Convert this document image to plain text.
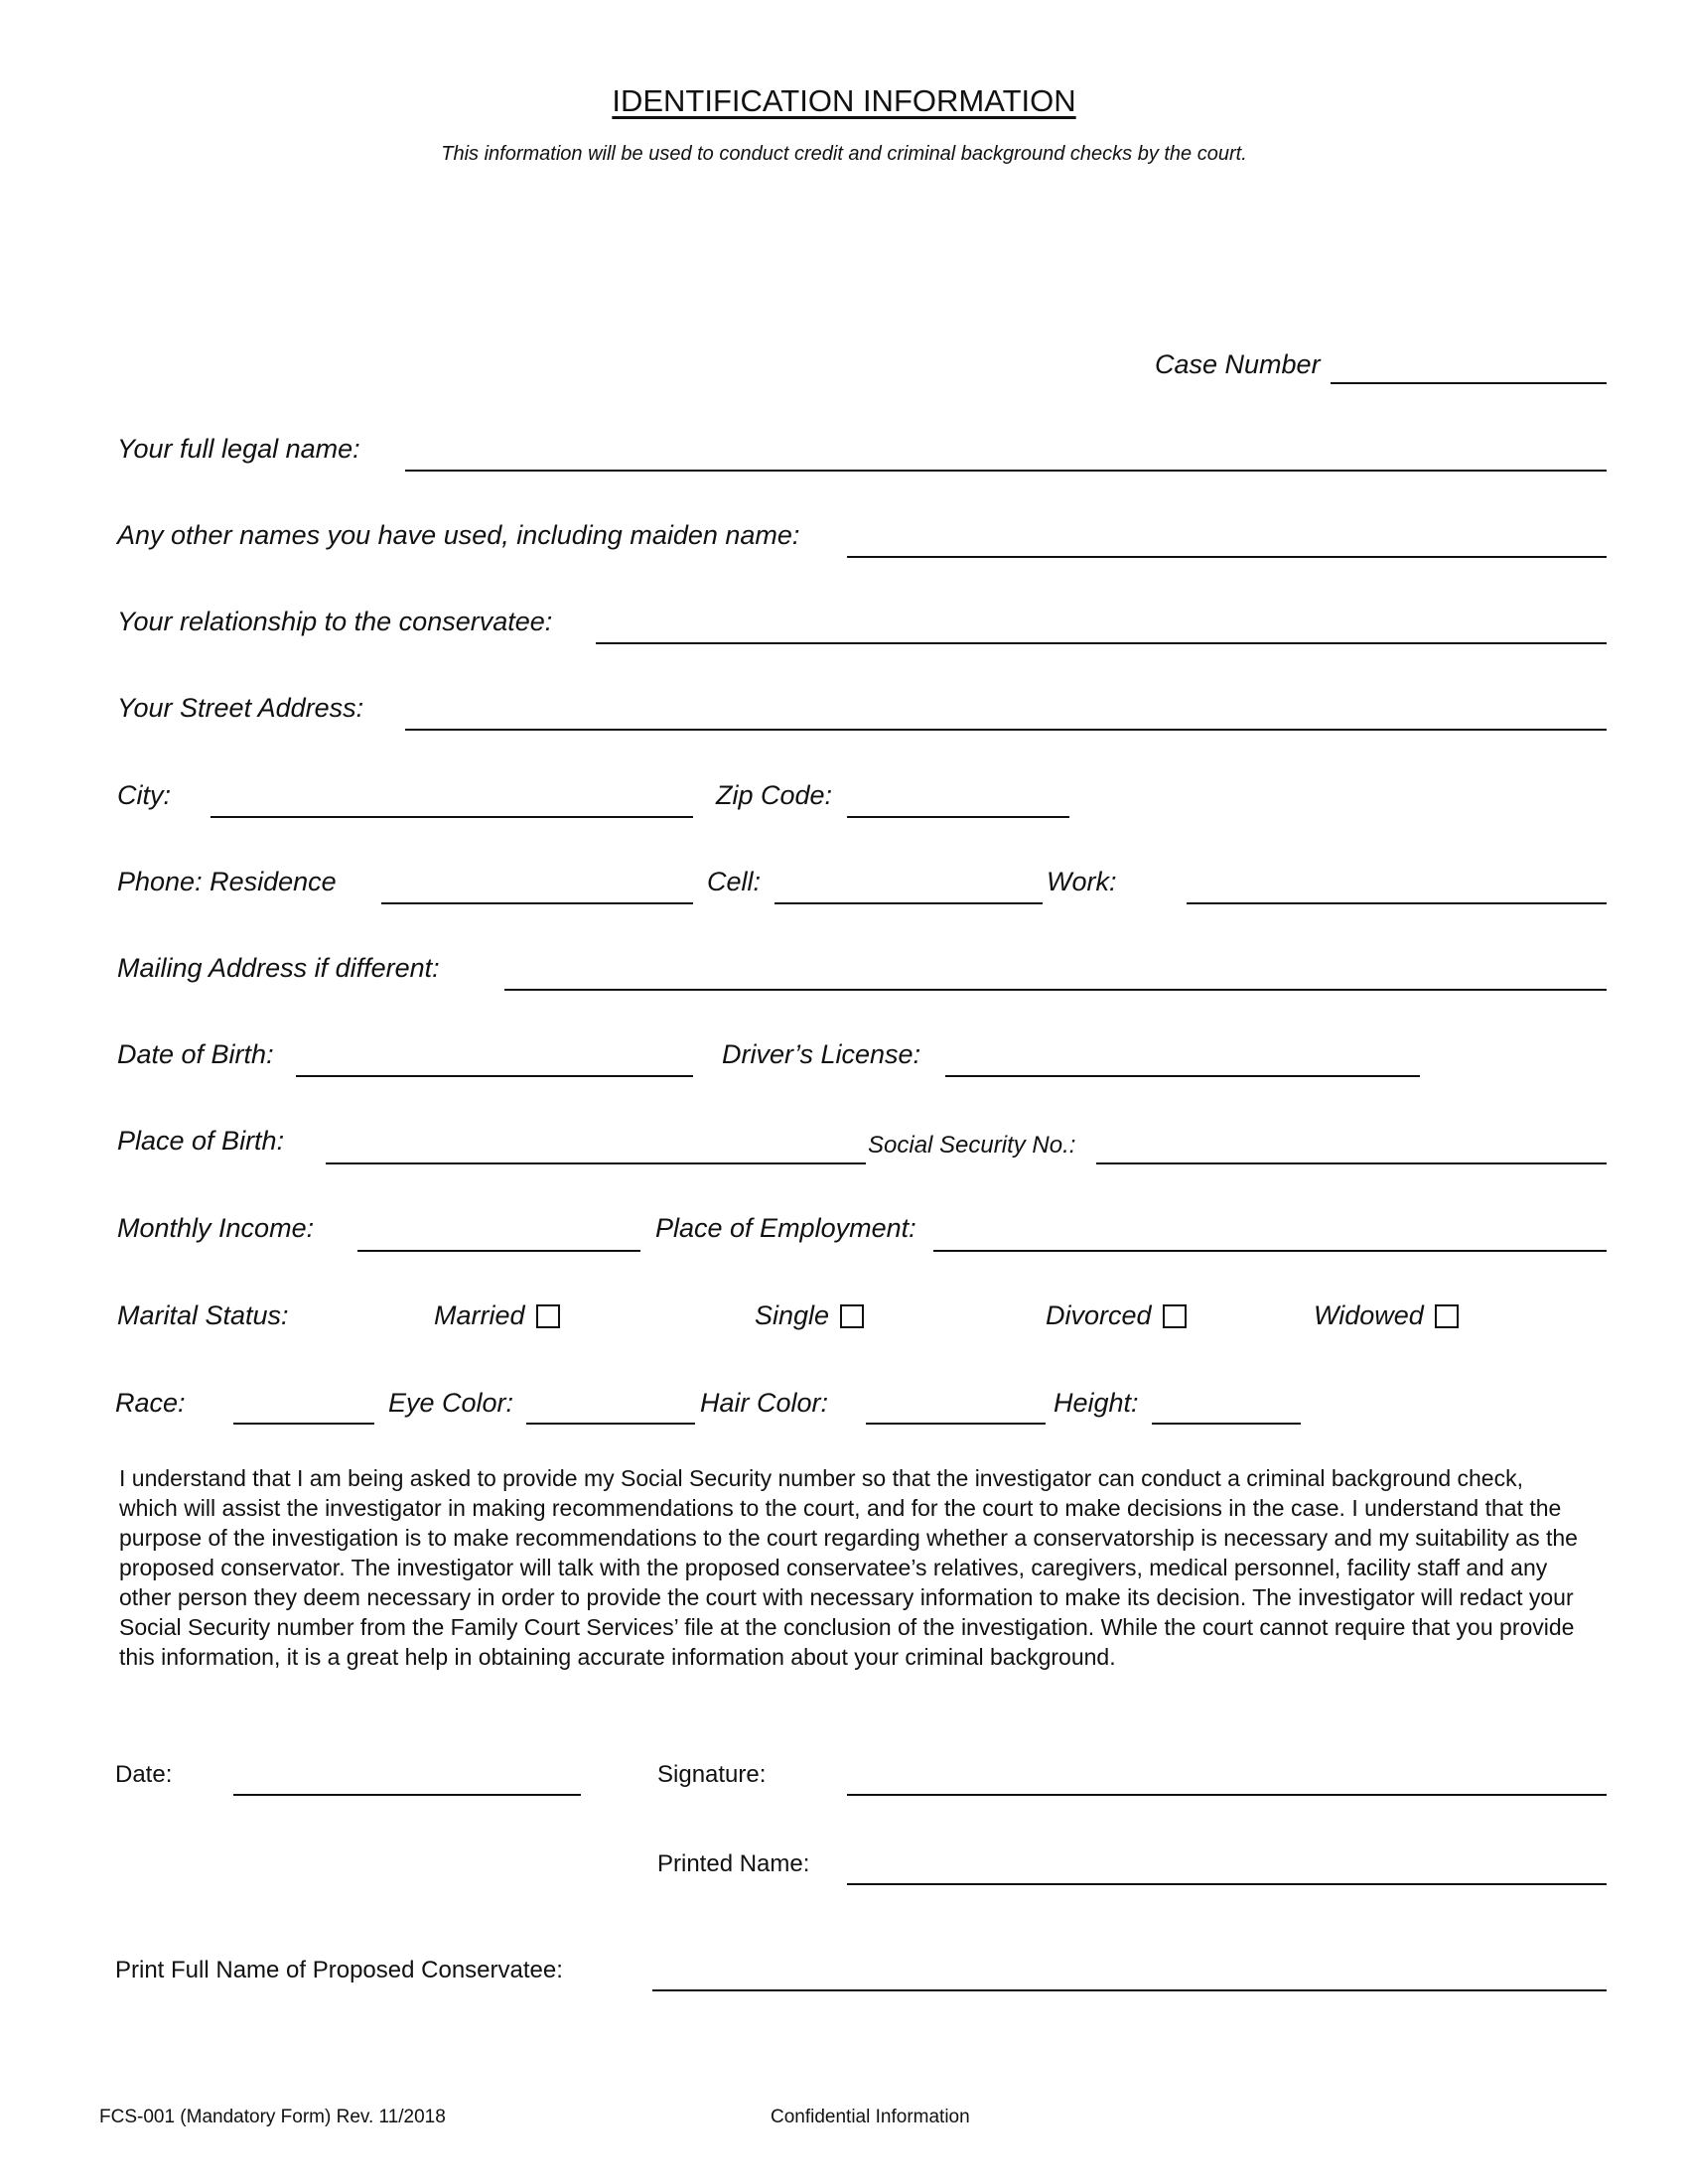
IDENTIFICATION INFORMATION
This information will be used to conduct credit and criminal background checks by the court.
Case Number
Your full legal name:
Any other names you have used, including maiden name:
Your relationship to the conservatee:
Your Street Address:
City:	Zip Code:
Phone: Residence	Cell:	Work:
Mailing Address if different:
Date of Birth:	Driver’s License:
Place of Birth:	Social Security No.:
Monthly Income:	Place of Employment:
Marital Status:	Married	Single	Divorced	Widowed
Race:	Eye Color:	Hair Color:	Height:

I understand that I am being asked to provide my Social Security number so that the investigator can conduct a criminal background check, which will assist the investigator in making recommendations to the court, and for the court to make decisions in the case. I understand that the purpose of the investigation is to make recommendations to the court regarding whether a conservatorship is necessary and my suitability as the proposed conservator. The investigator will talk with the proposed conservatee’s relatives, caregivers, medical personnel, facility staff and any other person they deem necessary in order to provide the court with necessary information to make its decision. The investigator will redact your Social Security number from the Family Court Services’ file at the conclusion of the investigation. While the court cannot require that you provide this information, it is a great help in obtaining accurate information about your criminal background.

Date:	Signature:
Printed Name:
Print Full Name of Proposed Conservatee:
FCS-001 (Mandatory Form) Rev. 11/2018	Confidential Information
